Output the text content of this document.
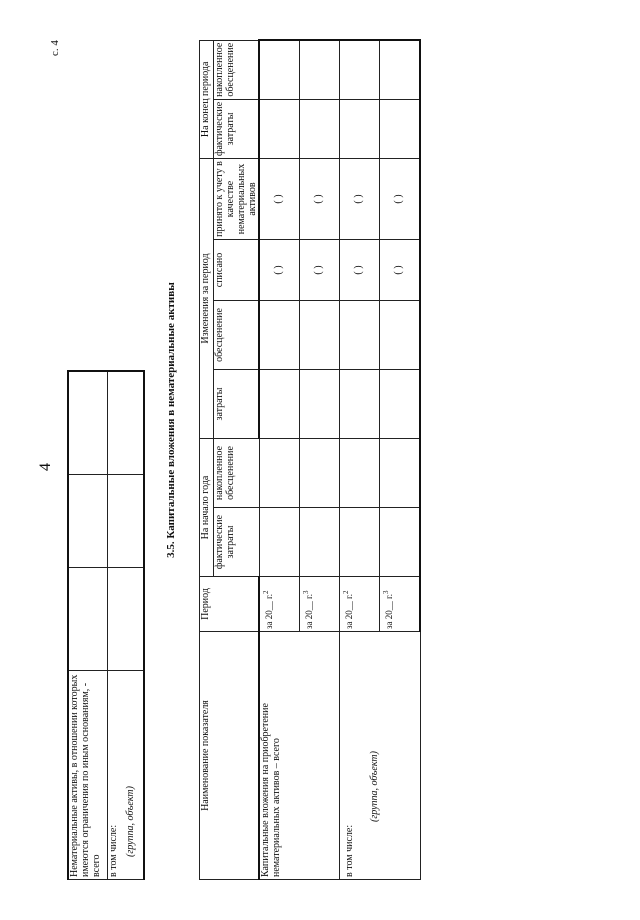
4
с. 4
Нематериальные активы, в отношении которых имеются ограничения по иным основаниям, - всего			

в том числе: (группа, объект)			

3.5. Капитальные вложения в нематериальные активы
Наименование показателя	Период	На начало года		Изменения за период				На конец периода	
		фактические затраты	накопленное обесценение	затраты	обесценение	списано	принято к учету в качестве нематериальных активов	фактические затраты	накопленное обесценение
Капитальные вложения на приобретение нематериальных активов – всего	за 20__ г.$^2$					( )	( )		
	за 20__ г.$^3$					( )	( )		

в том числе:
(группа, объект)	за 20__ г.$^2$					( )	( )		
	за 20__ г.$^3$					( )	( )		
